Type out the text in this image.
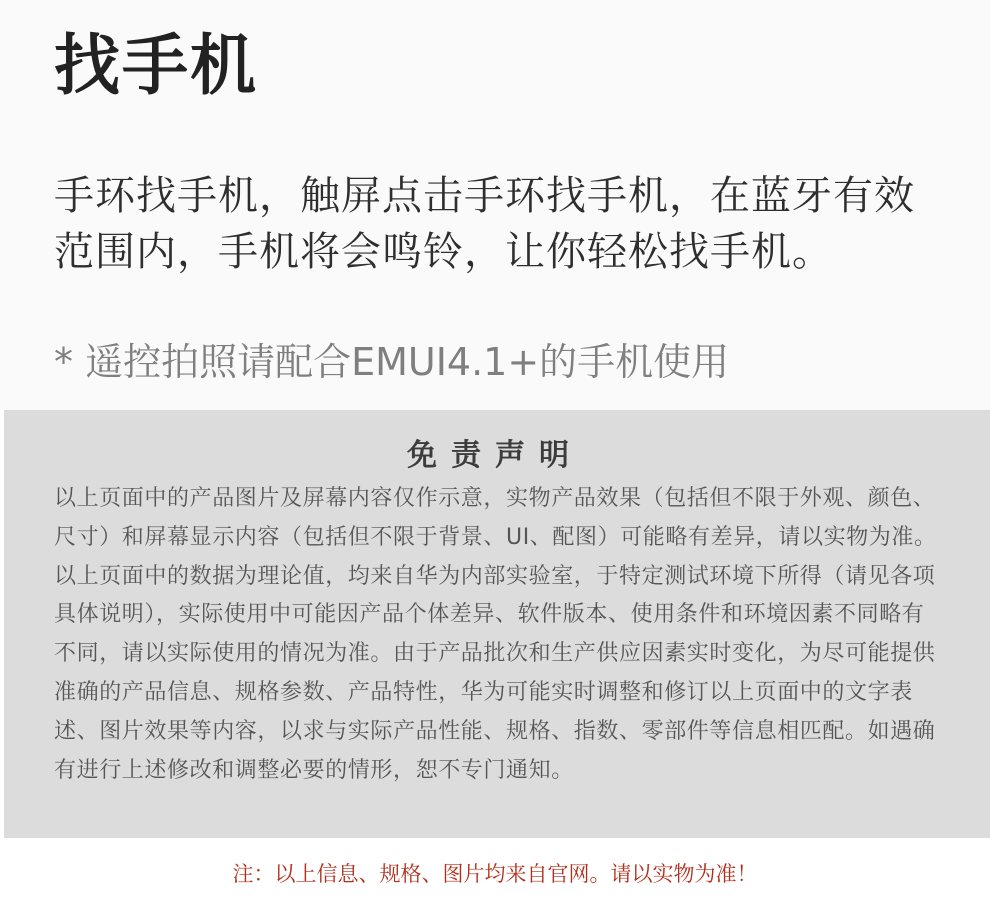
找手机

手环找手机，触屏点击手环找手机，在蓝牙有效范围内，手机将会鸣铃，让你轻松找手机。

* 遥控拍照请配合EMUI4.1+的手机使用

免责声明

以上页面中的产品图片及屏幕内容仅作示意，实物产品效果（包括但不限于外观、颜色、尺寸）和屏幕显示内容（包括但不限于背景、UI、配图）可能略有差异，请以实物为准。以上页面中的数据为理论值，均来自华为内部实验室，于特定测试环境下所得（请见各项具体说明），实际使用中可能因产品个体差异、软件版本、使用条件和环境因素不同略有不同，请以实际使用的情况为准。由于产品批次和生产供应因素实时变化，为尽可能提供准确的产品信息、规格参数、产品特性，华为可能实时调整和修订以上页面中的文字表述、图片效果等内容，以求与实际产品性能、规格、指数、零部件等信息相匹配。如遇确有进行上述修改和调整必要的情形，恕不专门通知。

注：以上信息、规格、图片均来自官网。请以实物为准！
